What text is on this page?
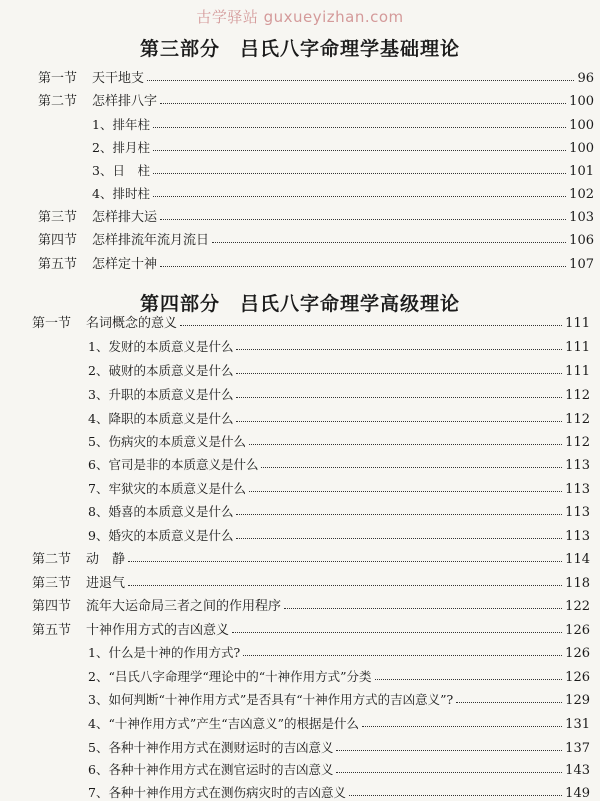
古学驿站 guxueyizhan.com
第三部分　吕氏八字命理学基础理论
第一节	天干地支	96
第二节	怎样排八字	100
1、排年柱	100
2、排月柱	100
3、日　柱	101
4、排时柱	102
第三节	怎样排大运	103
第四节	怎样排流年流月流日	106
第五节	怎样定十神	107
第四部分　吕氏八字命理学高级理论
第一节	名词概念的意义	111
1、发财的本质意义是什么	111
2、破财的本质意义是什么	111
3、升职的本质意义是什么	112
4、降职的本质意义是什么	112
5、伤病灾的本质意义是什么	112
6、官司是非的本质意义是什么	113
7、牢狱灾的本质意义是什么	113
8、婚喜的本质意义是什么	113
9、婚灾的本质意义是什么	113
第二节	动　静	114
第三节	进退气	118
第四节	流年大运命局三者之间的作用程序	122
第五节	十神作用方式的吉凶意义	126
1、什么是十神的作用方式?	126
2、“吕氏八字命理学“理论中的“十神作用方式”分类	126
3、如何判断“十神作用方式”是否具有“十神作用方式的吉凶意义”?	129
4、“十神作用方式”产生“吉凶意义”的根据是什么	131
5、各种十神作用方式在测财运时的吉凶意义	137
6、各种十神作用方式在测官运时的吉凶意义	143
7、各种十神作用方式在测伤病灾时的吉凶意义	149
